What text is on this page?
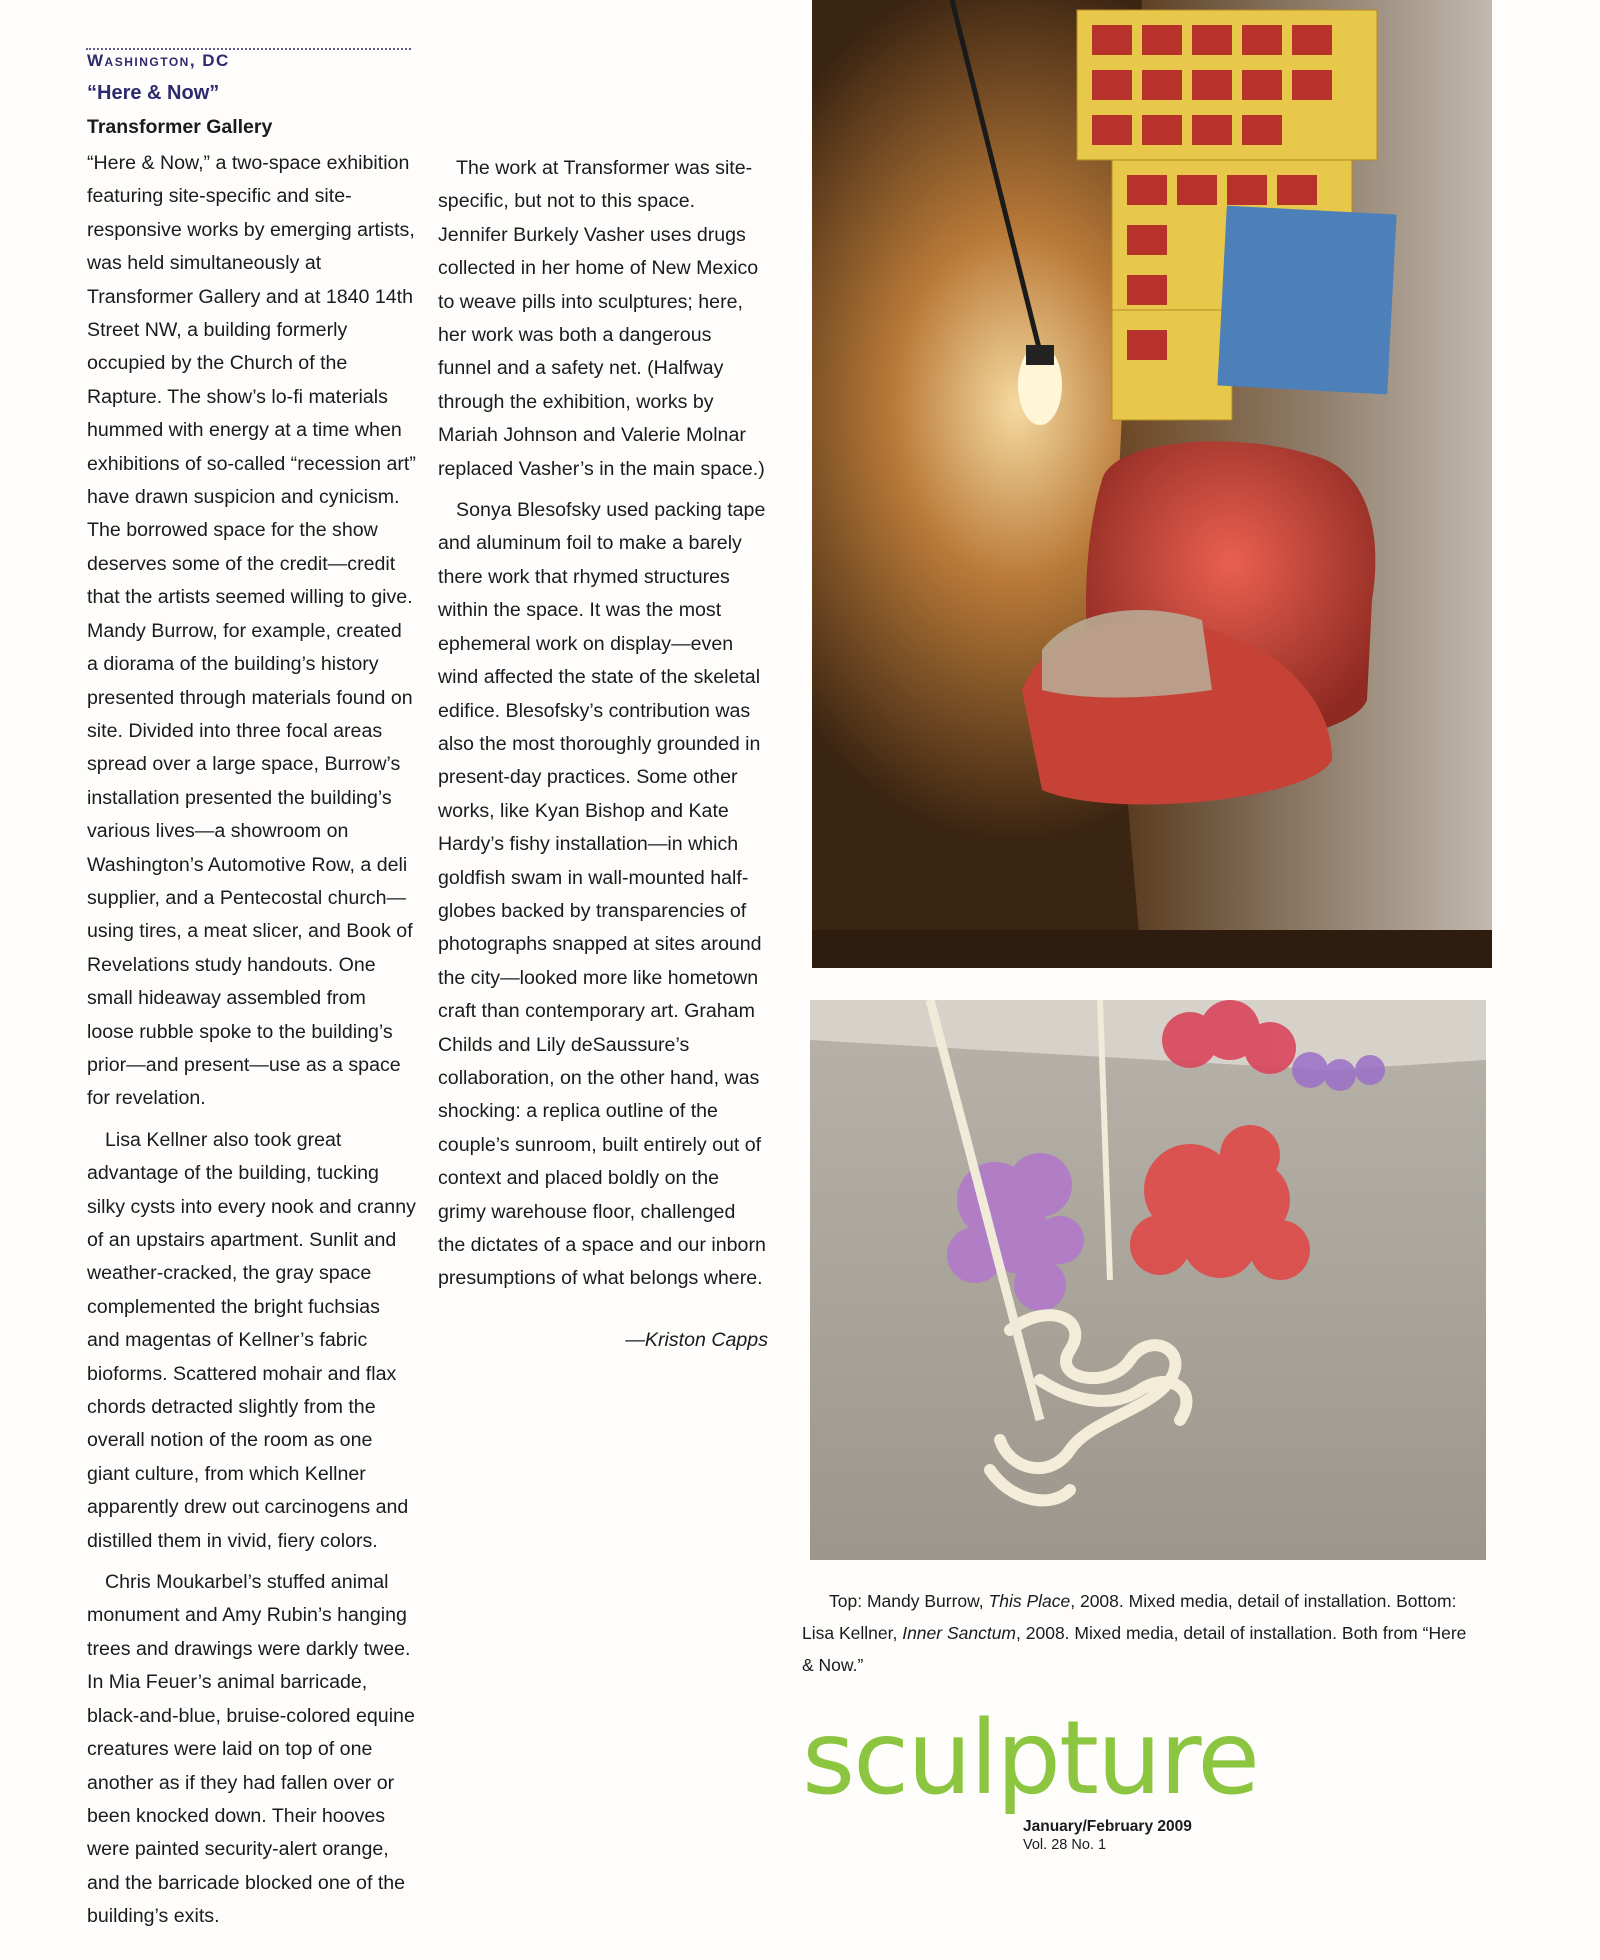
Washington, DC
“Here & Now”
Transformer Gallery

“Here & Now,” a two-space exhibition featuring site-specific and site-responsive works by emerging artists, was held simultaneously at Transformer Gallery and at 1840 14th Street NW, a building formerly occupied by the Church of the Rapture. The show’s lo-fi materials hummed with energy at a time when exhibitions of so-called “recession art” have drawn suspicion and cynicism. The borrowed space for the show deserves some of the credit—credit that the artists seemed willing to give. Mandy Burrow, for example, created a diorama of the building’s history presented through materials found on site. Divided into three focal areas spread over a large space, Burrow’s installation presented the building’s various lives—a showroom on Washington’s Automotive Row, a deli supplier, and a Pentecostal church—using tires, a meat slicer, and Book of Revelations study handouts. One small hideaway assembled from loose rubble spoke to the building’s prior—and present—use as a space for revelation.

Lisa Kellner also took great advantage of the building, tucking silky cysts into every nook and cranny of an upstairs apartment. Sunlit and weather-cracked, the gray space complemented the bright fuchsias and magentas of Kellner’s fabric bioforms. Scattered mohair and flax chords detracted slightly from the overall notion of the room as one giant culture, from which Kellner apparently drew out carcinogens and distilled them in vivid, fiery colors.

Chris Moukarbel’s stuffed animal monument and Amy Rubin’s hanging trees and drawings were darkly twee. In Mia Feuer’s animal barricade, black-and-blue, bruise-colored equine creatures were laid on top of one another as if they had fallen over or been knocked down. Their hooves were painted security-alert orange, and the barricade blocked one of the building’s exits.

The work at Transformer was site-specific, but not to this space. Jennifer Burkely Vasher uses drugs collected in her home of New Mexico to weave pills into sculptures; here, her work was both a dangerous funnel and a safety net. (Halfway through the exhibition, works by Mariah Johnson and Valerie Molnar replaced Vasher’s in the main space.)

Sonya Blesofsky used packing tape and aluminum foil to make a barely there work that rhymed structures within the space. It was the most ephemeral work on display—even wind affected the state of the skeletal edifice. Blesofsky’s contribution was also the most thoroughly grounded in present-day practices. Some other works, like Kyan Bishop and Kate Hardy’s fishy installation—in which goldfish swam in wall-mounted half-globes backed by transparencies of photographs snapped at sites around the city—looked more like hometown craft than contemporary art. Graham Childs and Lily deSaussure’s collaboration, on the other hand, was shocking: a replica outline of the couple’s sunroom, built entirely out of context and placed boldly on the grimy warehouse floor, challenged the dictates of a space and our inborn presumptions of what belongs where.

—Kriston Capps
Top: Mandy Burrow, This Place, 2008. Mixed media, detail of installation. Bottom: Lisa Kellner, Inner Sanctum, 2008. Mixed media, detail of installation. Both from “Here & Now.”
sculpture
January/February 2009
Vol. 28 No. 1
